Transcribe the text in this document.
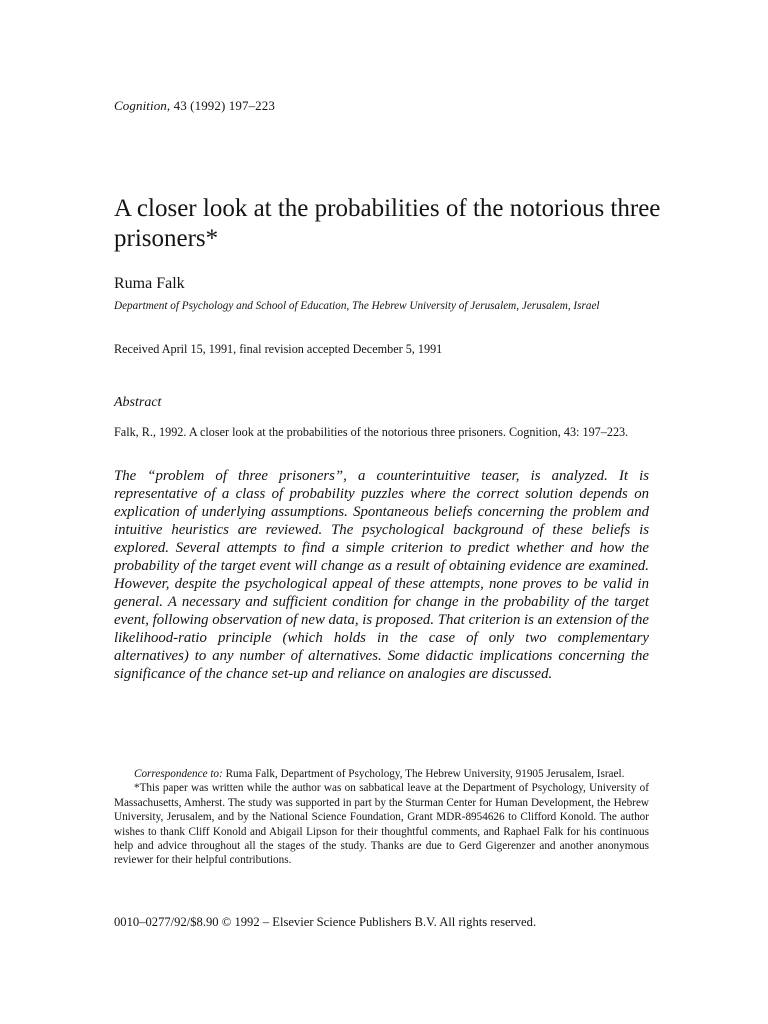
Cognition, 43 (1992) 197–223
A closer look at the probabilities of the notorious three prisoners*
Ruma Falk
Department of Psychology and School of Education, The Hebrew University of Jerusalem, Jerusalem, Israel
Received April 15, 1991, final revision accepted December 5, 1991
Abstract
Falk, R., 1992. A closer look at the probabilities of the notorious three prisoners. Cognition, 43: 197–223.
The “problem of three prisoners”, a counterintuitive teaser, is analyzed. It is representative of a class of probability puzzles where the correct solution depends on explication of underlying assumptions. Spontaneous beliefs concerning the problem and intuitive heuristics are reviewed. The psychological background of these beliefs is explored. Several attempts to find a simple criterion to predict whether and how the probability of the target event will change as a result of obtaining evidence are examined. However, despite the psychological appeal of these attempts, none proves to be valid in general. A necessary and sufficient condition for change in the probability of the target event, following observation of new data, is proposed. That criterion is an extension of the likelihood-ratio principle (which holds in the case of only two complementary alternatives) to any number of alternatives. Some didactic implications concerning the significance of the chance set-up and reliance on analogies are discussed.

Correspondence to: Ruma Falk, Department of Psychology, The Hebrew University, 91905 Jerusalem, Israel.

*This paper was written while the author was on sabbatical leave at the Department of Psychology, University of Massachusetts, Amherst. The study was supported in part by the Sturman Center for Human Development, the Hebrew University, Jerusalem, and by the National Science Foundation, Grant MDR-8954626 to Clifford Konold. The author wishes to thank Cliff Konold and Abigail Lipson for their thoughtful comments, and Raphael Falk for his continuous help and advice throughout all the stages of the study. Thanks are due to Gerd Gigerenzer and another anonymous reviewer for their helpful contributions.

0010–0277/92/$8.90 © 1992 – Elsevier Science Publishers B.V. All rights reserved.
